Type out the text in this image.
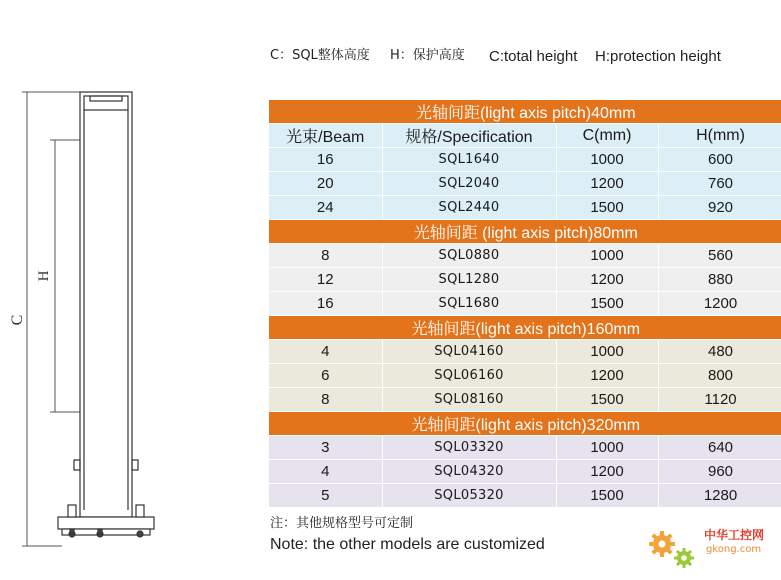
C：SQL整体高度 H：保护高度 C:total height H:protection height
C
H
光轴间距(light axis pitch)40mm			
光束/Beam	规格/Specification	C(mm)	H(mm)
16	SQL1640	1000	600
20	SQL2040	1200	760
24	SQL2440	1500	920
光轴间距 (light axis pitch)80mm			
8	SQL0880	1000	560
12	SQL1280	1200	880
16	SQL1680	1500	1200
光轴间距(light axis pitch)160mm			
4	SQL04160	1000	480
6	SQL06160	1200	800
8	SQL08160	1500	1120
光轴间距(light axis pitch)320mm			
3	SQL03320	1000	640
4	SQL04320	1200	960
5	SQL05320	1500	1280
注：其他规格型号可定制
Note: the other models are customized
中华工控网
gkong.com
